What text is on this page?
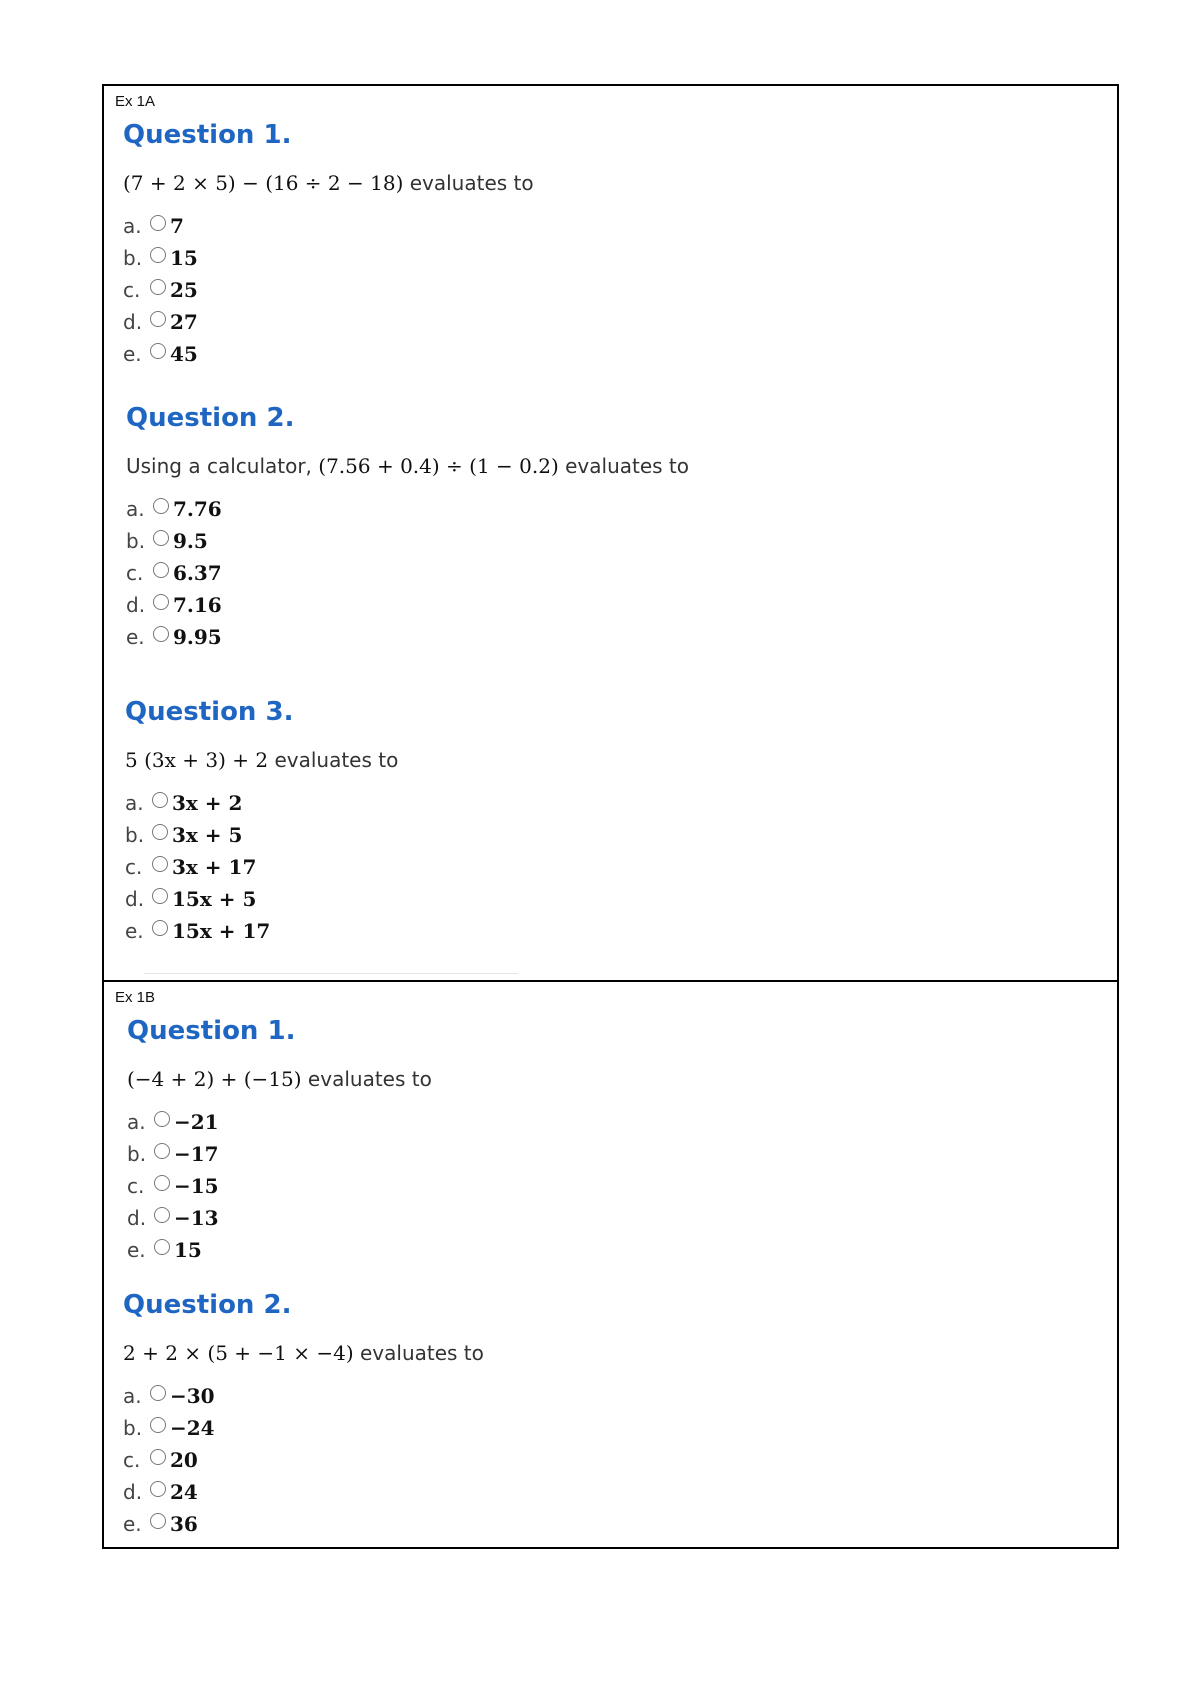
Ex 1A
Question 1.
(7 + 2 × 5) − (16 ÷ 2 − 18) evaluates to
a.	7
b.	15
c.	25
d.	27
e.	45
Question 2.
Using a calculator, (7.56 + 0.4) ÷ (1 − 0.2) evaluates to
a.	7.76
b.	9.5
c.	6.37
d.	7.16
e.	9.95
Question 3.
5 (3x + 3) + 2 evaluates to
a.	3x + 2
b.	3x + 5
c.	3x + 17
d.	15x + 5
e.	15x + 17
Ex 1B
Question 1.
(−4 + 2) + (−15) evaluates to
a.	−21
b.	−17
c.	−15
d.	−13
e.	15
Question 2.
2 + 2 × (5 + −1 × −4) evaluates to
a.	−30
b.	−24
c.	20
d.	24
e.	36
